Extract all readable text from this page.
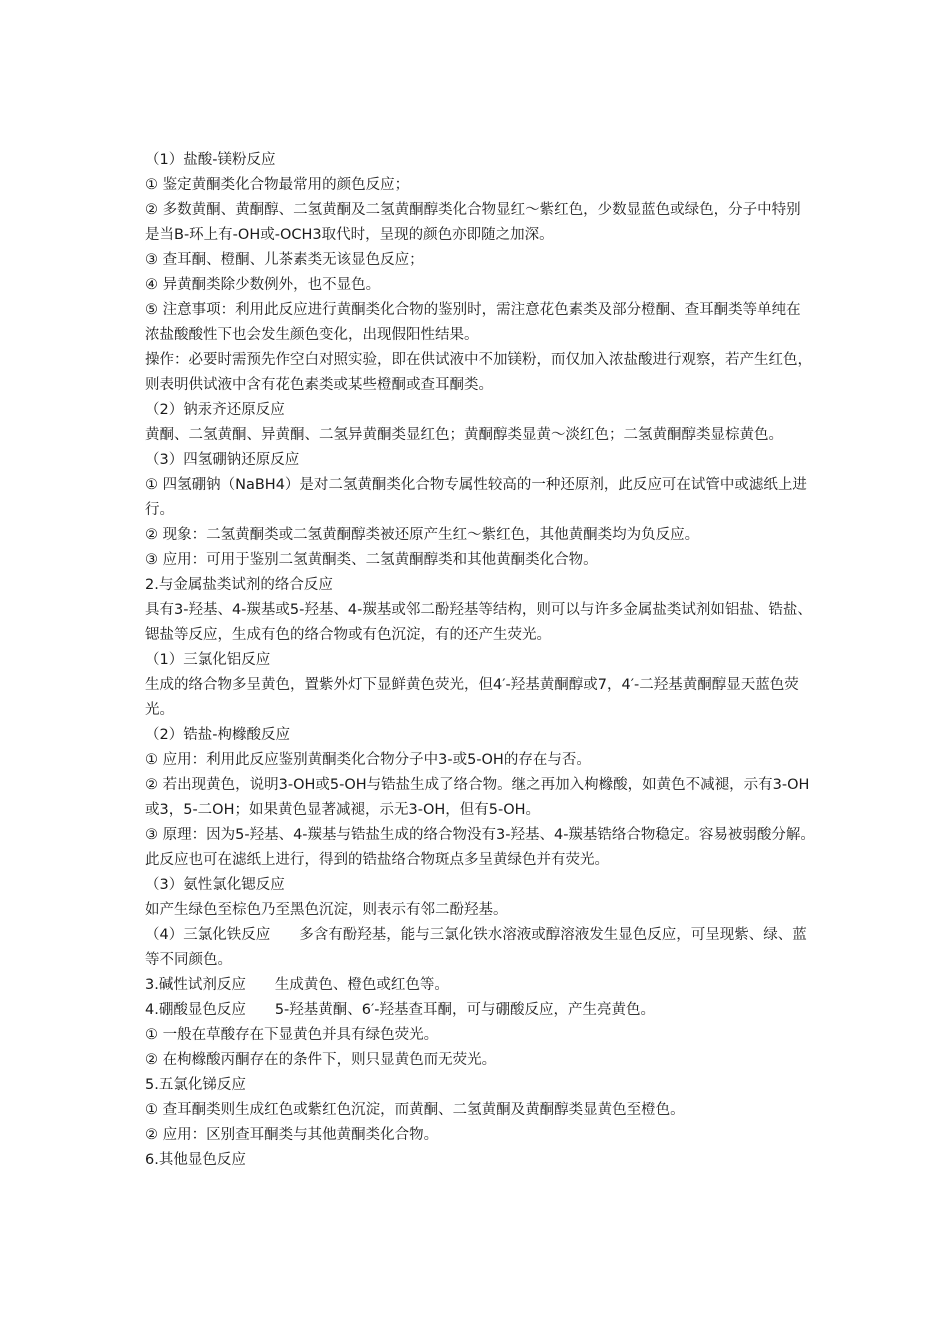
（1）盐酸-镁粉反应

① 鉴定黄酮类化合物最常用的颜色反应；

② 多数黄酮、黄酮醇、二氢黄酮及二氢黄酮醇类化合物显红～紫红色，少数显蓝色或绿色，分子中特别是当B-环上有-OH或-OCH3取代时，呈现的颜色亦即随之加深。

③ 查耳酮、橙酮、儿茶素类无该显色反应；

④ 异黄酮类除少数例外，也不显色。

⑤ 注意事项：利用此反应进行黄酮类化合物的鉴别时，需注意花色素类及部分橙酮、查耳酮类等单纯在浓盐酸酸性下也会发生颜色变化，出现假阳性结果。

操作：必要时需预先作空白对照实验，即在供试液中不加镁粉，而仅加入浓盐酸进行观察，若产生红色，则表明供试液中含有花色素类或某些橙酮或查耳酮类。

（2）钠汞齐还原反应

黄酮、二氢黄酮、异黄酮、二氢异黄酮类显红色；黄酮醇类显黄～淡红色；二氢黄酮醇类显棕黄色。

（3）四氢硼钠还原反应

① 四氢硼钠（NaBH4）是对二氢黄酮类化合物专属性较高的一种还原剂，此反应可在试管中或滤纸上进行。

② 现象：二氢黄酮类或二氢黄酮醇类被还原产生红～紫红色，其他黄酮类均为负反应。

③ 应用：可用于鉴别二氢黄酮类、二氢黄酮醇类和其他黄酮类化合物。

2.与金属盐类试剂的络合反应

具有3-羟基、4-羰基或5-羟基、4-羰基或邻二酚羟基等结构，则可以与许多金属盐类试剂如铝盐、锆盐、锶盐等反应，生成有色的络合物或有色沉淀，有的还产生荧光。

（1）三氯化铝反应

生成的络合物多呈黄色，置紫外灯下显鲜黄色荧光，但4′-羟基黄酮醇或7，4′-二羟基黄酮醇显天蓝色荧光。

（2）锆盐-枸橼酸反应

① 应用：利用此反应鉴别黄酮类化合物分子中3-或5-OH的存在与否。

② 若出现黄色，说明3-OH或5-OH与锆盐生成了络合物。继之再加入枸橼酸，如黄色不减褪，示有3-OH或3，5-二OH；如果黄色显著减褪，示无3-OH，但有5-OH。

③ 原理：因为5-羟基、4-羰基与锆盐生成的络合物没有3-羟基、4-羰基锆络合物稳定。容易被弱酸分解。

此反应也可在滤纸上进行，得到的锆盐络合物斑点多呈黄绿色并有荧光。

（3）氨性氯化锶反应

如产生绿色至棕色乃至黑色沉淀，则表示有邻二酚羟基。

（4）三氯化铁反应　　多含有酚羟基，能与三氯化铁水溶液或醇溶液发生显色反应，可呈现紫、绿、蓝等不同颜色。

3.碱性试剂反应　　生成黄色、橙色或红色等。

4.硼酸显色反应　　5-羟基黄酮、6′-羟基查耳酮，可与硼酸反应，产生亮黄色。

① 一般在草酸存在下显黄色并具有绿色荧光。

② 在枸橼酸丙酮存在的条件下，则只显黄色而无荧光。

5.五氯化锑反应

① 查耳酮类则生成红色或紫红色沉淀，而黄酮、二氢黄酮及黄酮醇类显黄色至橙色。

② 应用：区别查耳酮类与其他黄酮类化合物。

6.其他显色反应
